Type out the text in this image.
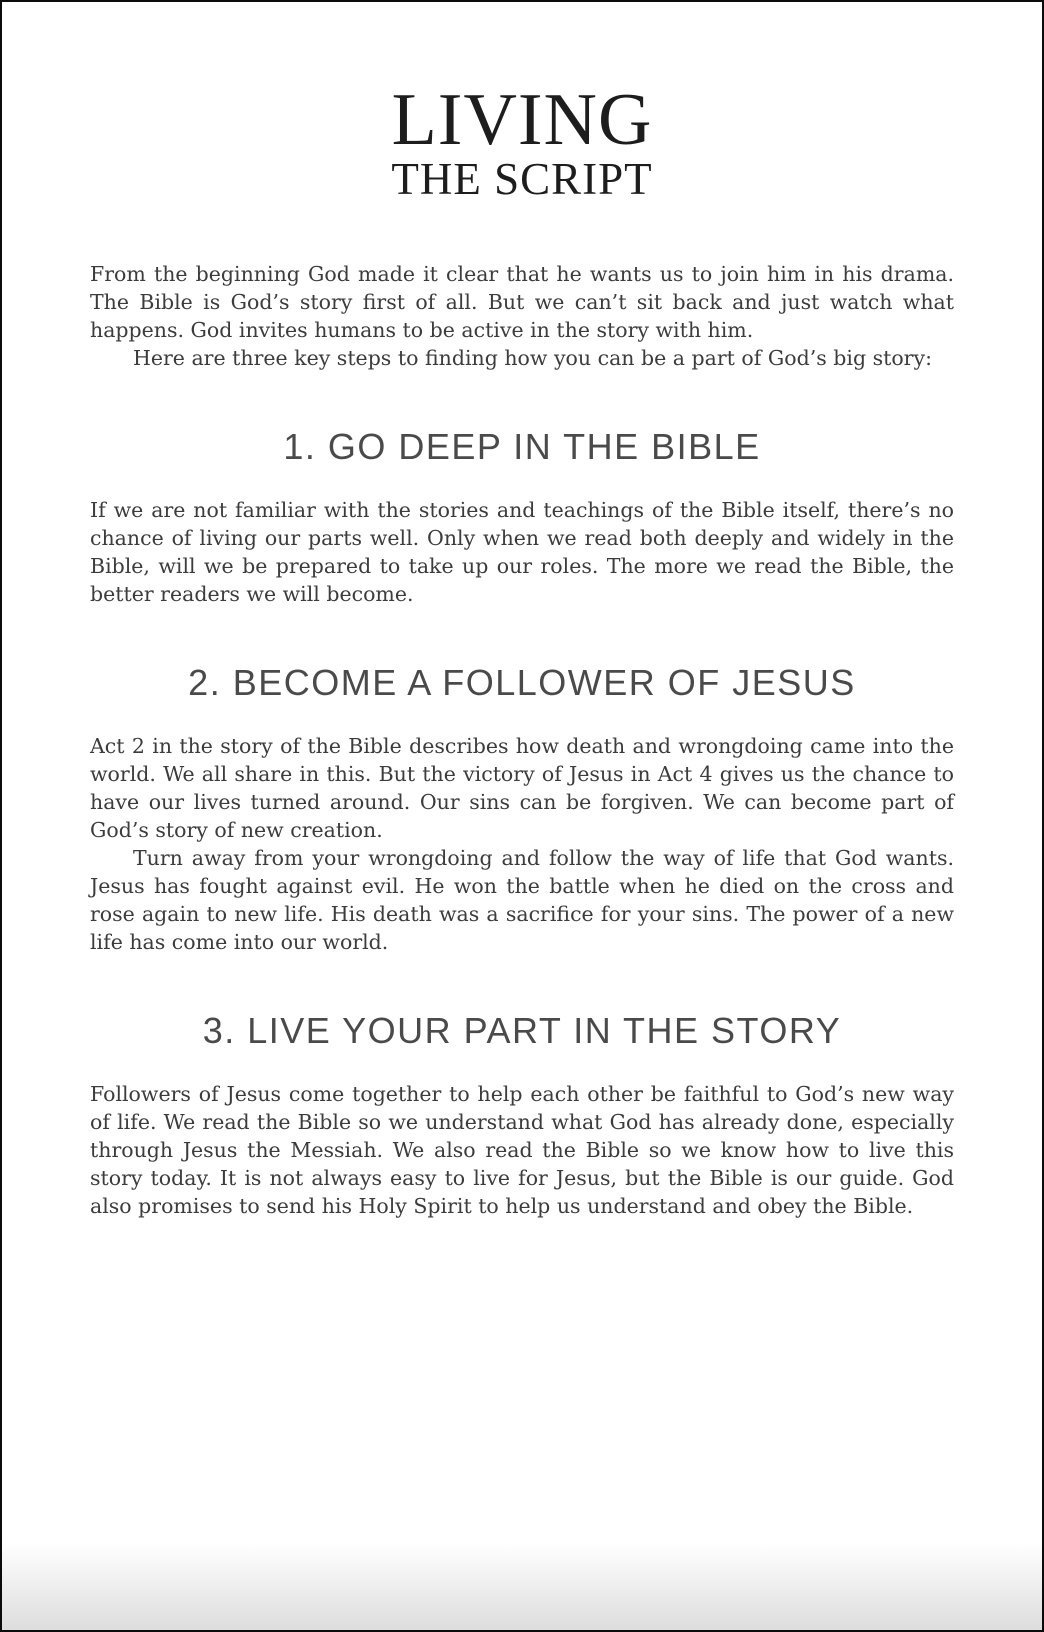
LIVING
THE SCRIPT

From the beginning God made it clear that he wants us to join him in his drama. The Bible is God’s story first of all. But we can’t sit back and just watch what happens. God invites humans to be active in the story with him.

Here are three key steps to finding how you can be a part of God’s big story:

1. GO DEEP IN THE BIBLE

If we are not familiar with the stories and teachings of the Bible itself, there’s no chance of living our parts well. Only when we read both deeply and widely in the Bible, will we be prepared to take up our roles. The more we read the Bible, the better readers we will become.

2. BECOME A FOLLOWER OF JESUS

Act 2 in the story of the Bible describes how death and wrongdoing came into the world. We all share in this. But the victory of Jesus in Act 4 gives us the chance to have our lives turned around. Our sins can be forgiven. We can become part of God’s story of new creation.

Turn away from your wrongdoing and follow the way of life that God wants. Jesus has fought against evil. He won the battle when he died on the cross and rose again to new life. His death was a sacrifice for your sins. The power of a new life has come into our world.

3. LIVE YOUR PART IN THE STORY

Followers of Jesus come together to help each other be faithful to God’s new way of life. We read the Bible so we understand what God has already done, especially through Jesus the Messiah. We also read the Bible so we know how to live this story today. It is not always easy to live for Jesus, but the Bible is our guide. God also promises to send his Holy Spirit to help us understand and obey the Bible.
